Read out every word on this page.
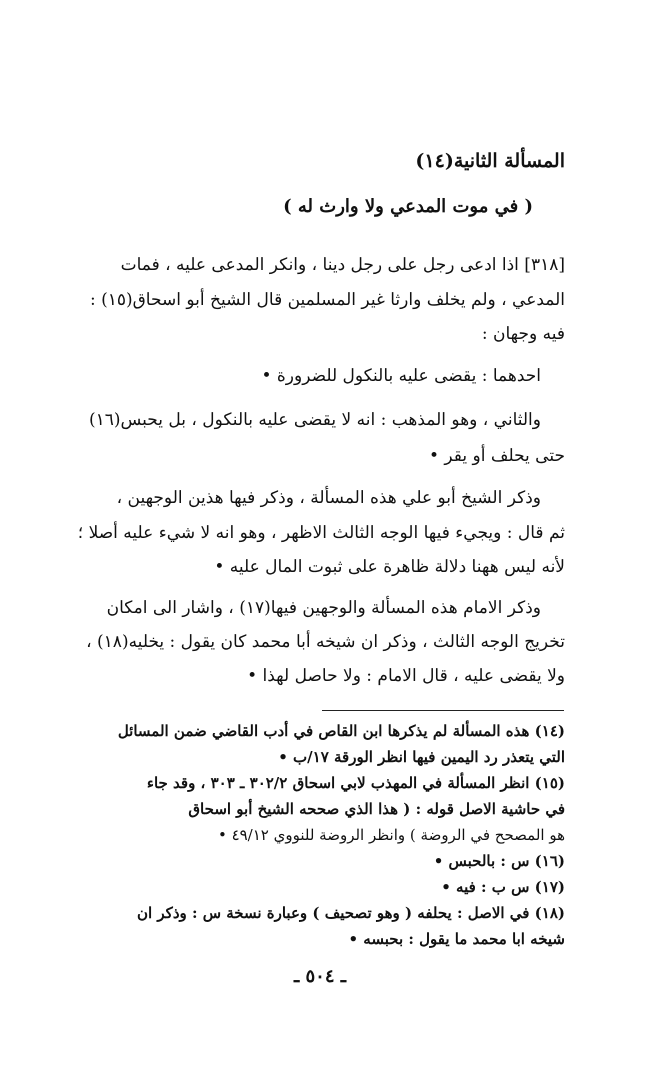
المسألة الثانية(١٤)
( في موت المدعي ولا وارث له )
[٣١٨] اذا ادعى رجل على رجل دينا ، وانكر المدعى عليه ، فمات
المدعي ، ولم يخلف وارثا غير المسلمين قال الشيخ أبو اسحاق(١٥) :
فيه وجهان :
احدهما : يقضى عليه بالنكول للضرورة •
والثاني ، وهو المذهب : انه لا يقضى عليه بالنكول ، بل يحبس(١٦)
حتى يحلف أو يقر •
وذكر الشيخ أبو علي هذه المسألة ، وذكر فيها هذين الوجهين ،
ثم قال : ويجيء فيها الوجه الثالث الاظهر ، وهو انه لا شيء عليه أصلا ؛
لأنه ليس ههنا دلالة ظاهرة على ثبوت المال عليه •
وذكر الامام هذه المسألة والوجهين فيها(١٧) ، واشار الى امكان
تخريج الوجه الثالث ، وذكر ان شيخه أبا محمد كان يقول : يخليه(١٨) ،
ولا يقضى عليه ، قال الامام : ولا حاصل لهذا •
(١٤) هذه المسألة لم يذكرها ابن القاص في أدب القاضي ضمن المسائل
التي يتعذر رد اليمين فيها انظر الورقة ١٧/ب •
(١٥) انظر المسألة في المهذب لابي اسحاق ٣٠٢/٢ ـ ٣٠٣ ، وقد جاء
في حاشية الاصل قوله : ( هذا الذي صححه الشيخ أبو اسحاق
هو المصحح في الروضة ) وانظر الروضة للنووي ٤٩/١٢ •
(١٦) س : بالحبس •
(١٧) س ب : فيه •
(١٨) في الاصل : يحلفه ( وهو تصحيف ) وعبارة نسخة س : وذكر ان
شيخه ابا محمد ما يقول : بحبسه •
ـ ٥٠٤ ـ
